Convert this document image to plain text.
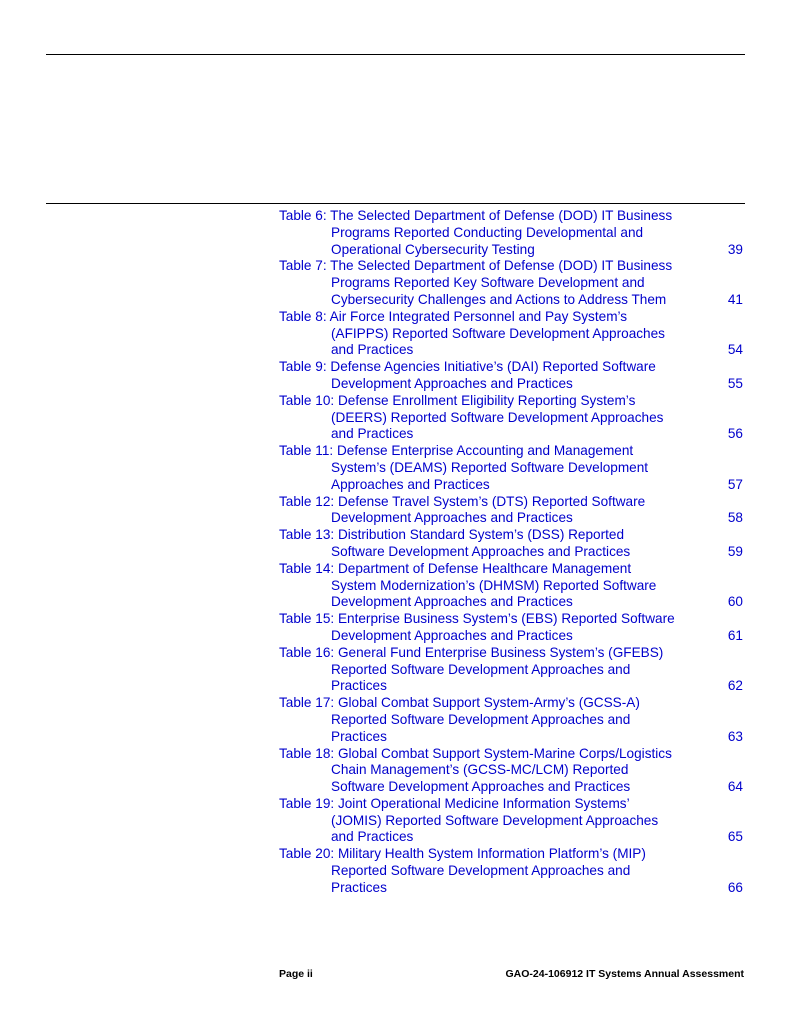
Table 6: The Selected Department of Defense (DOD) IT Business
Programs Reported Conducting Developmental and
Operational Cybersecurity Testing	39
Table 7: The Selected Department of Defense (DOD) IT Business
Programs Reported Key Software Development and
Cybersecurity Challenges and Actions to Address Them	41
Table 8: Air Force Integrated Personnel and Pay System’s
(AFIPPS) Reported Software Development Approaches
and Practices	54
Table 9: Defense Agencies Initiative’s (DAI) Reported Software
Development Approaches and Practices	55
Table 10: Defense Enrollment Eligibility Reporting System’s
(DEERS) Reported Software Development Approaches
and Practices	56
Table 11: Defense Enterprise Accounting and Management
System’s (DEAMS) Reported Software Development
Approaches and Practices	57
Table 12: Defense Travel System’s (DTS) Reported Software
Development Approaches and Practices	58
Table 13: Distribution Standard System’s (DSS) Reported
Software Development Approaches and Practices	59
Table 14: Department of Defense Healthcare Management
System Modernization’s (DHMSM) Reported Software
Development Approaches and Practices	60
Table 15: Enterprise Business System’s (EBS) Reported Software
Development Approaches and Practices	61
Table 16: General Fund Enterprise Business System’s (GFEBS)
Reported Software Development Approaches and
Practices	62
Table 17: Global Combat Support System-Army’s (GCSS-A)
Reported Software Development Approaches and
Practices	63
Table 18: Global Combat Support System-Marine Corps/Logistics
Chain Management’s (GCSS-MC/LCM) Reported
Software Development Approaches and Practices	64
Table 19: Joint Operational Medicine Information Systems’
(JOMIS) Reported Software Development Approaches
and Practices	65
Table 20: Military Health System Information Platform’s (MIP)
Reported Software Development Approaches and
Practices	66
Page ii	GAO-24-106912 IT Systems Annual Assessment
